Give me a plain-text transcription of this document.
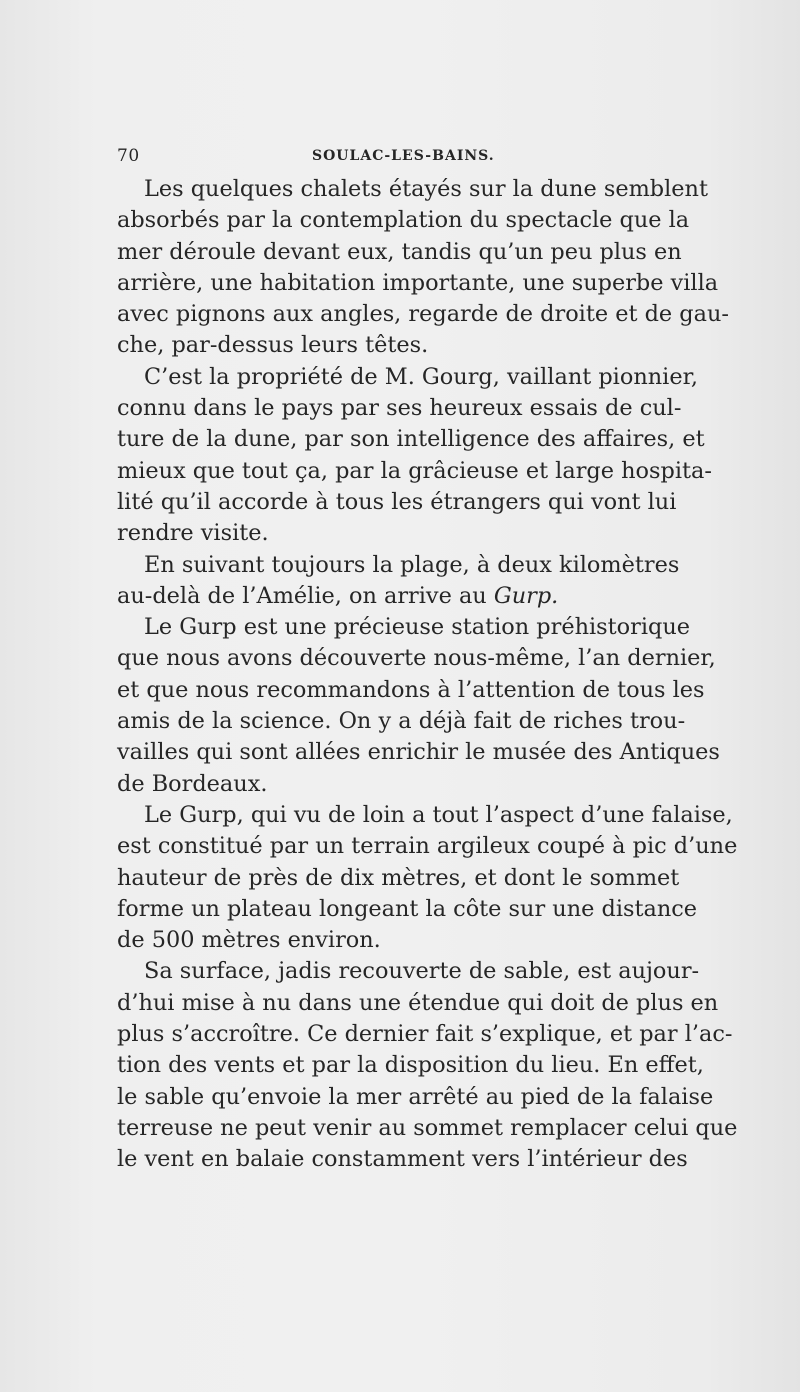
70	SOULAC-LES-BAINS.
Les quelques chalets étayés sur la dune semblent
absorbés par la contemplation du spectacle que la
mer déroule devant eux, tandis qu’un peu plus en
arrière, une habitation importante, une superbe villa
avec pignons aux angles, regarde de droite et de gau-
che, par-dessus leurs têtes.
C’est la propriété de M. Gourg, vaillant pionnier,
connu dans le pays par ses heureux essais de cul-
ture de la dune, par son intelligence des affaires, et
mieux que tout ça, par la grâcieuse et large hospita-
lité qu’il accorde à tous les étrangers qui vont lui
rendre visite.
En suivant toujours la plage, à deux kilomètres
au-delà de l’Amélie, on arrive au Gurp.
Le Gurp est une précieuse station préhistorique
que nous avons découverte nous-même, l’an dernier,
et que nous recommandons à l’attention de tous les
amis de la science. On y a déjà fait de riches trou-
vailles qui sont allées enrichir le musée des Antiques
de Bordeaux.
Le Gurp, qui vu de loin a tout l’aspect d’une falaise,
est constitué par un terrain argileux coupé à pic d’une
hauteur de près de dix mètres, et dont le sommet
forme un plateau longeant la côte sur une distance
de 500 mètres environ.
Sa surface, jadis recouverte de sable, est aujour-
d’hui mise à nu dans une étendue qui doit de plus en
plus s’accroître. Ce dernier fait s’explique, et par l’ac-
tion des vents et par la disposition du lieu. En effet,
le sable qu’envoie la mer arrêté au pied de la falaise
terreuse ne peut venir au sommet remplacer celui que
le vent en balaie constamment vers l’intérieur des
